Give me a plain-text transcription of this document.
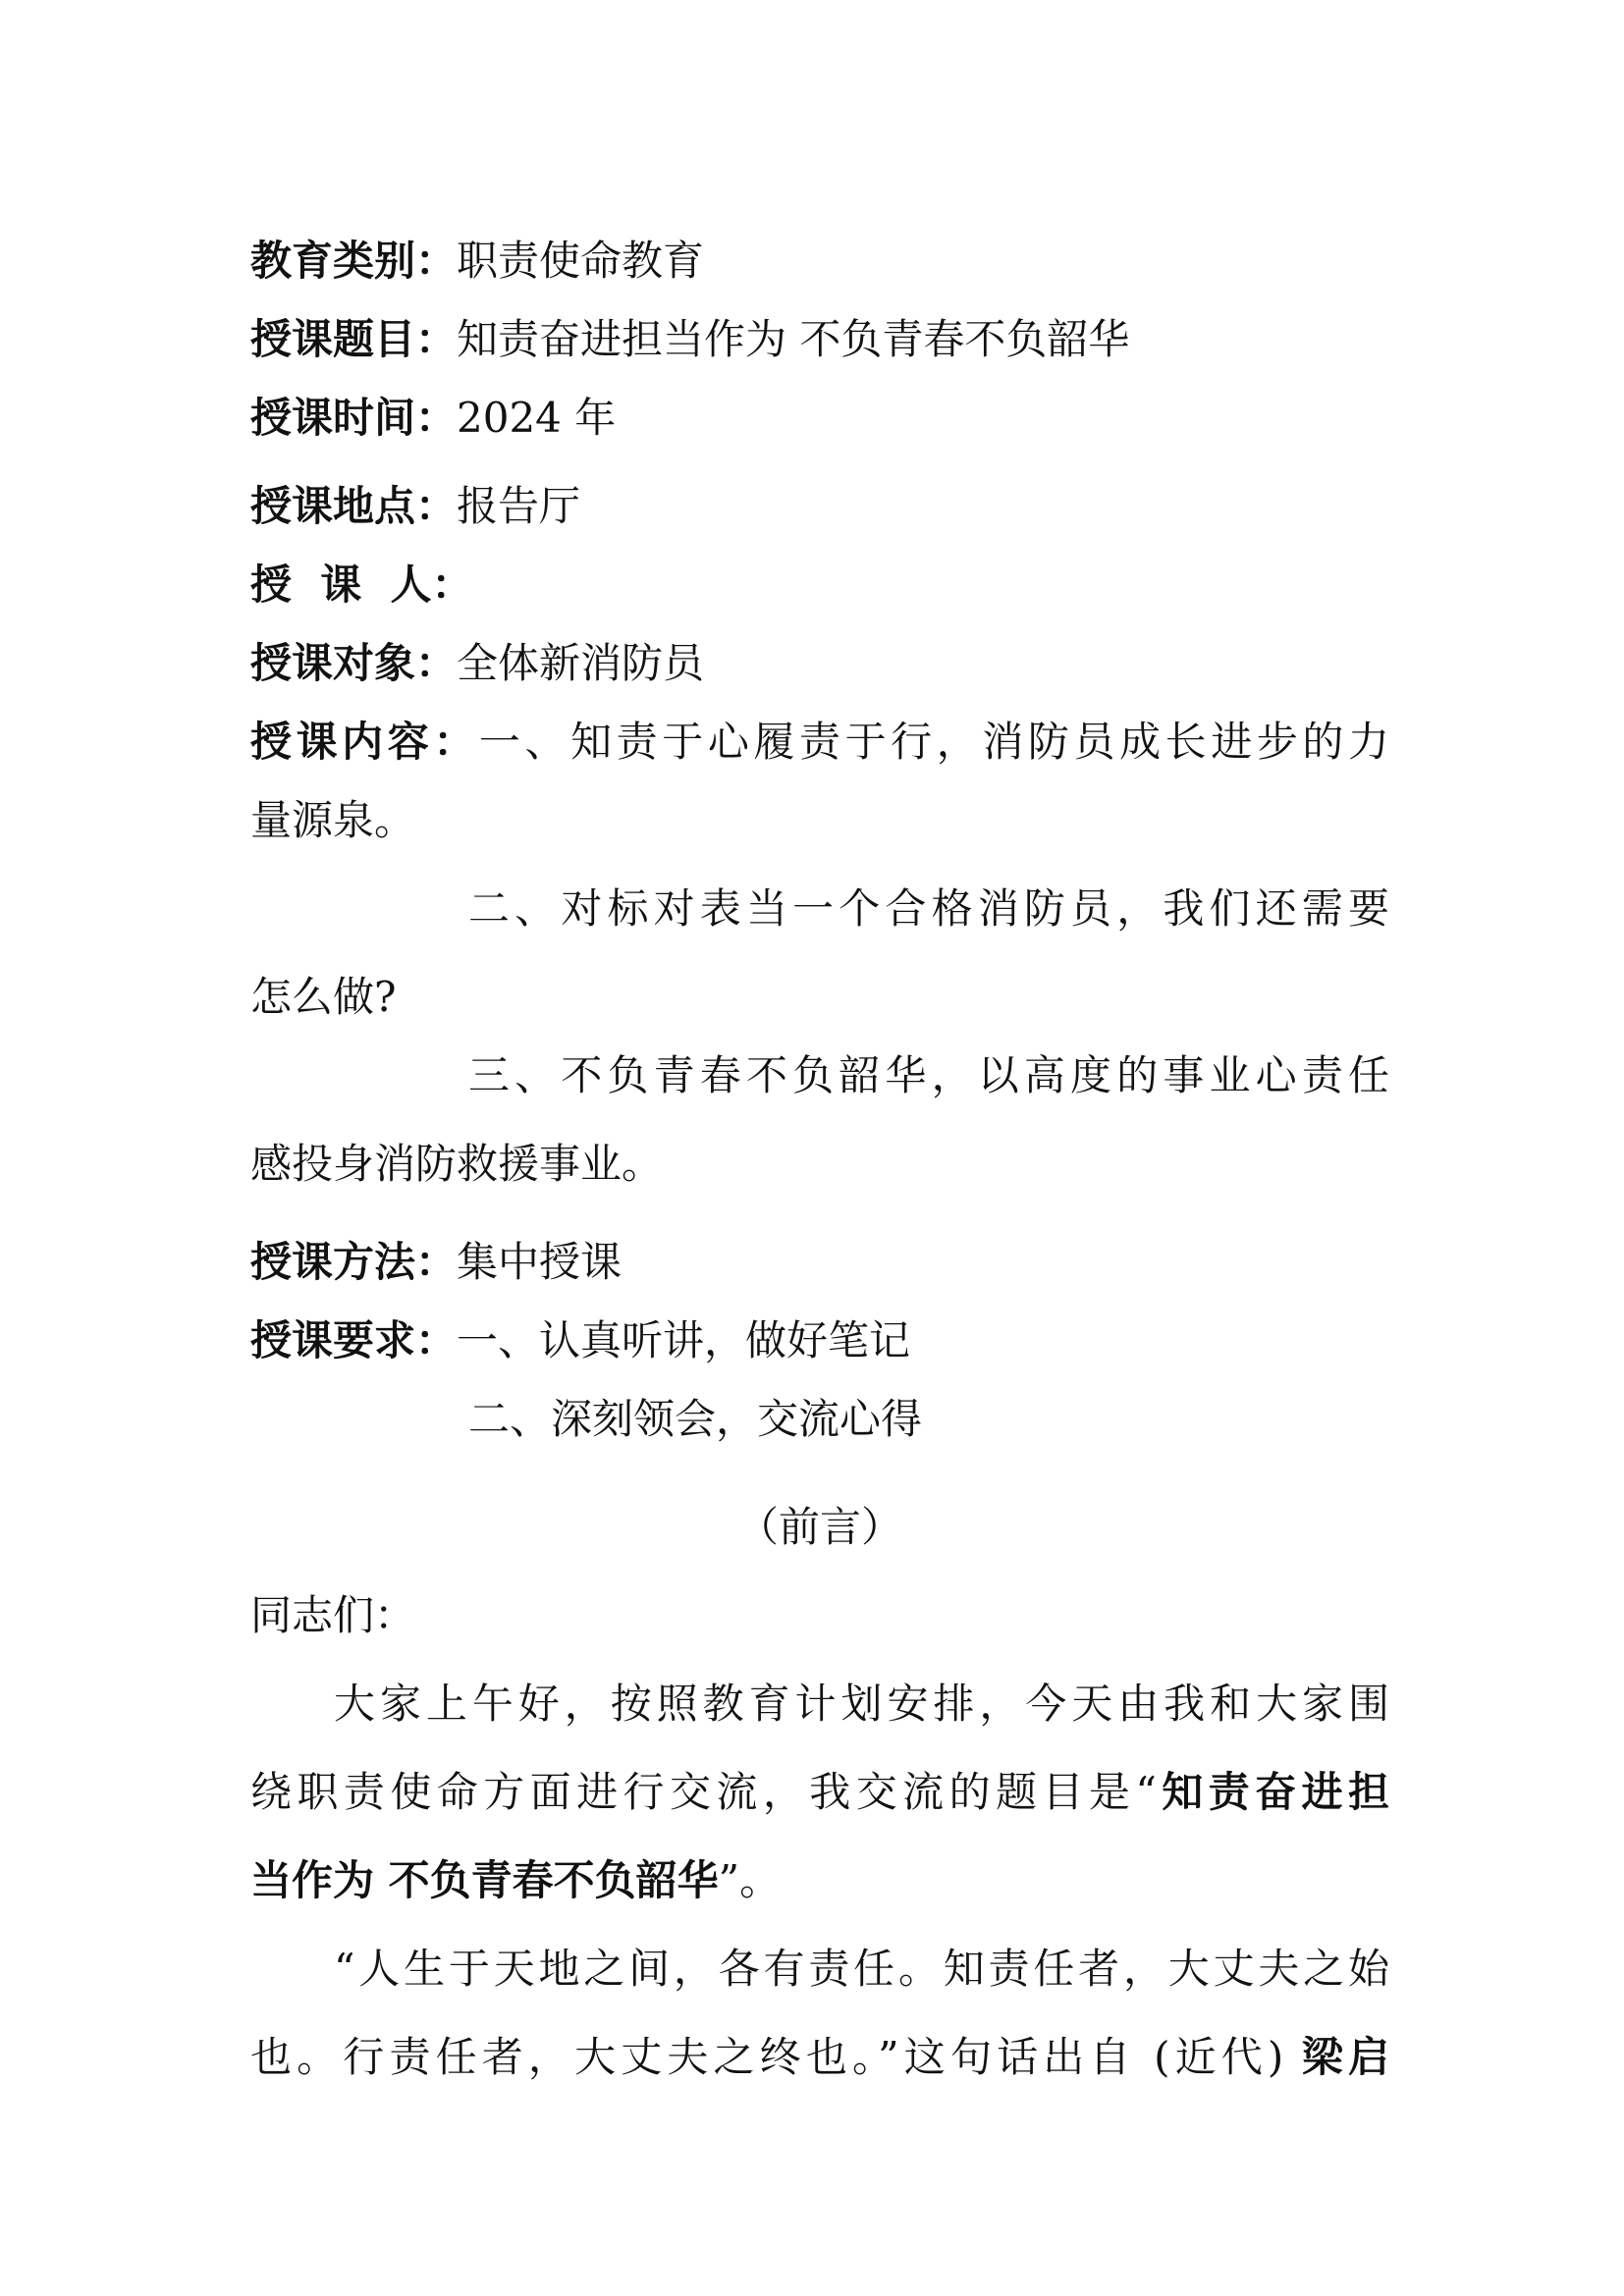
教育类别：职责使命教育
授课题目：知责奋进担当作为 不负青春不负韶华
授课时间：2024 年
授课地点：报告厅
授  课  人：
授课对象：全体新消防员
授课内容：一、知责于心履责于行，消防员成长进步的力
量源泉。
二、对标对表当一个合格消防员，我们还需要
怎么做?
三、不负青春不负韶华，以高度的事业心责任
感投身消防救援事业。
授课方法：集中授课
授课要求：一、认真听讲，做好笔记
二、深刻领会，交流心得
（前言）
同志们：
大家上午好，按照教育计划安排，今天由我和大家围
绕职责使命方面进行交流，我交流的题目是“知责奋进担
当作为 不负青春不负韶华”。
“人生于天地之间，各有责任。知责任者，大丈夫之始
也。行责任者，大丈夫之终也。”这句话出自 (近代) 梁启
